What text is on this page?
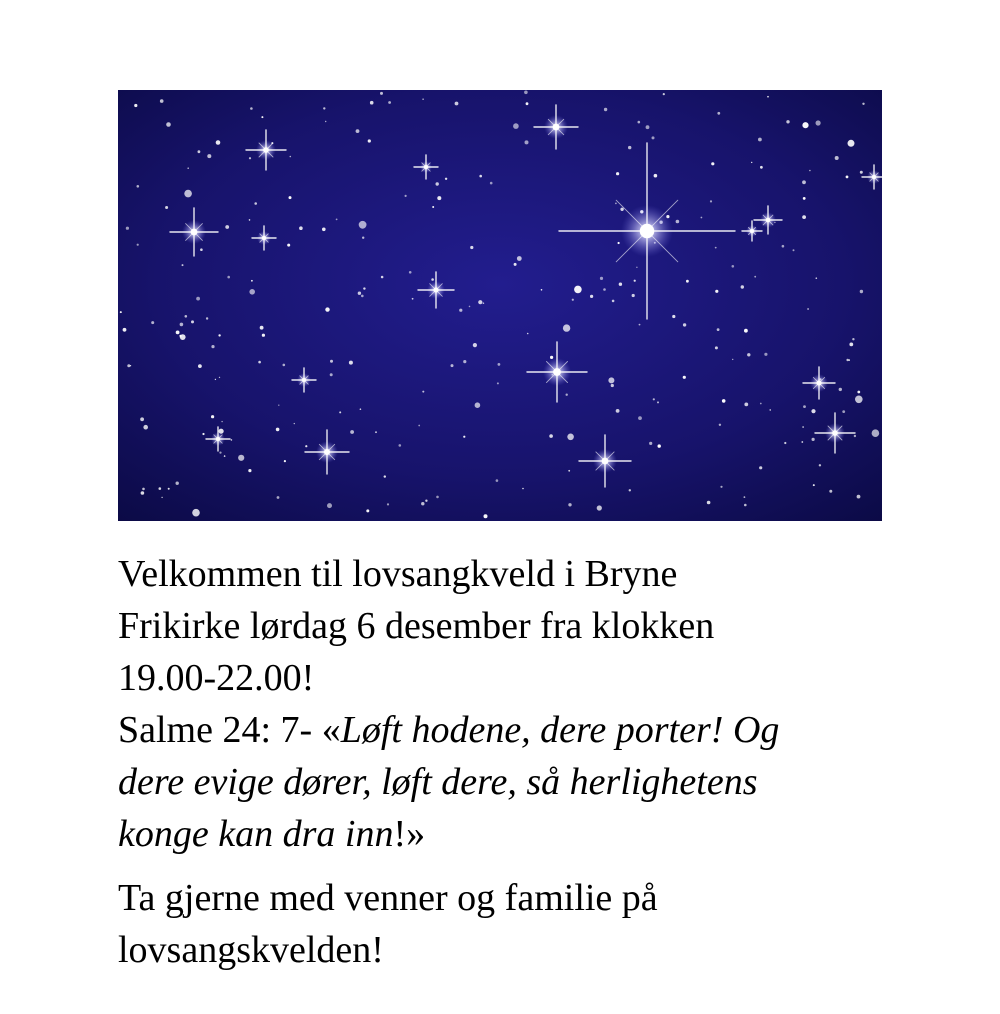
Velkommen til lovsangkveld i Bryne
Frikirke lørdag 6 desember fra klokken
19.00-22.00!
Salme 24: 7- «Løft hodene, dere porter! Og
dere evige dører, løft dere, så herlighetens
konge kan dra inn!»

Ta gjerne med venner og familie på
lovsangskvelden!
